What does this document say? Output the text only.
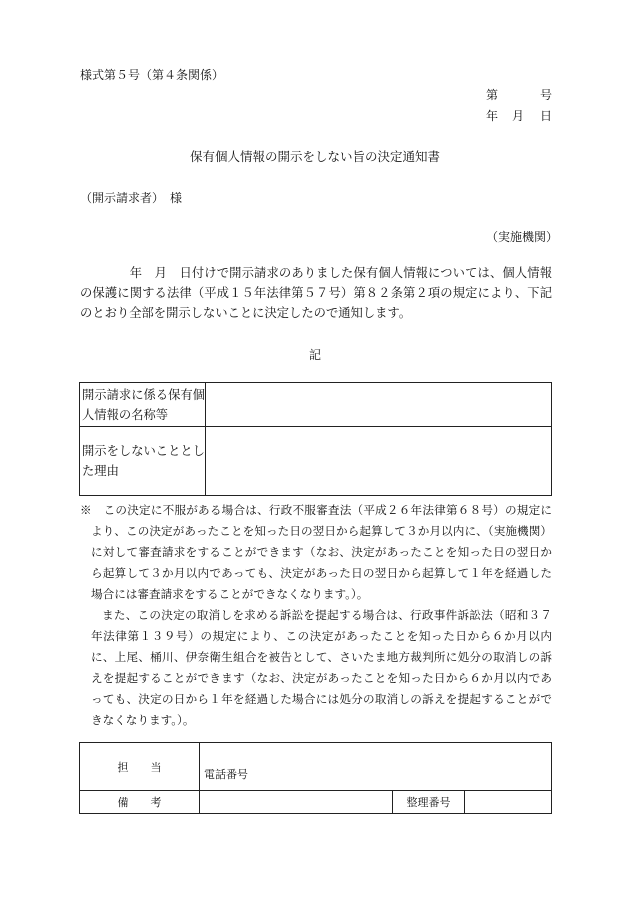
様式第５号（第４条関係）
第	号
年 月 日
保有個人情報の開示をしない旨の決定通知書
（開示請求者）　様
（実施機関）
　　　　年　月　日付けで開示請求のありました保有個人情報については、個人情報の保護に関する法律（平成１５年法律第５７号）第８２条第２項の規定により、下記のとおり全部を開示しないことに決定したので通知します。
記
開示請求に係る保有個人情報の名称等	
開示をしないこととした理由	

※　この決定に不服がある場合は、行政不服審査法（平成２６年法律第６８号）の規定により、この決定があったことを知った日の翌日から起算して３か月以内に、（実施機関）に対して審査請求をすることができます（なお、決定があったことを知った日の翌日から起算して３か月以内であっても、決定があった日の翌日から起算して１年を経過した場合には審査請求をすることができなくなります。）。

また、この決定の取消しを求める訴訟を提起する場合は、行政事件訴訟法（昭和３７年法律第１３９号）の規定により、この決定があったことを知った日から６か月以内に、上尾、桶川、伊奈衛生組合を被告として、さいたま地方裁判所に処分の取消しの訴えを提起することができます（なお、決定があったことを知った日から６か月以内であっても、決定の日から１年を経過した場合には処分の取消しの訴えを提起することができなくなります。）。

担　　当	電話番号		
備　　考		整理番号	
